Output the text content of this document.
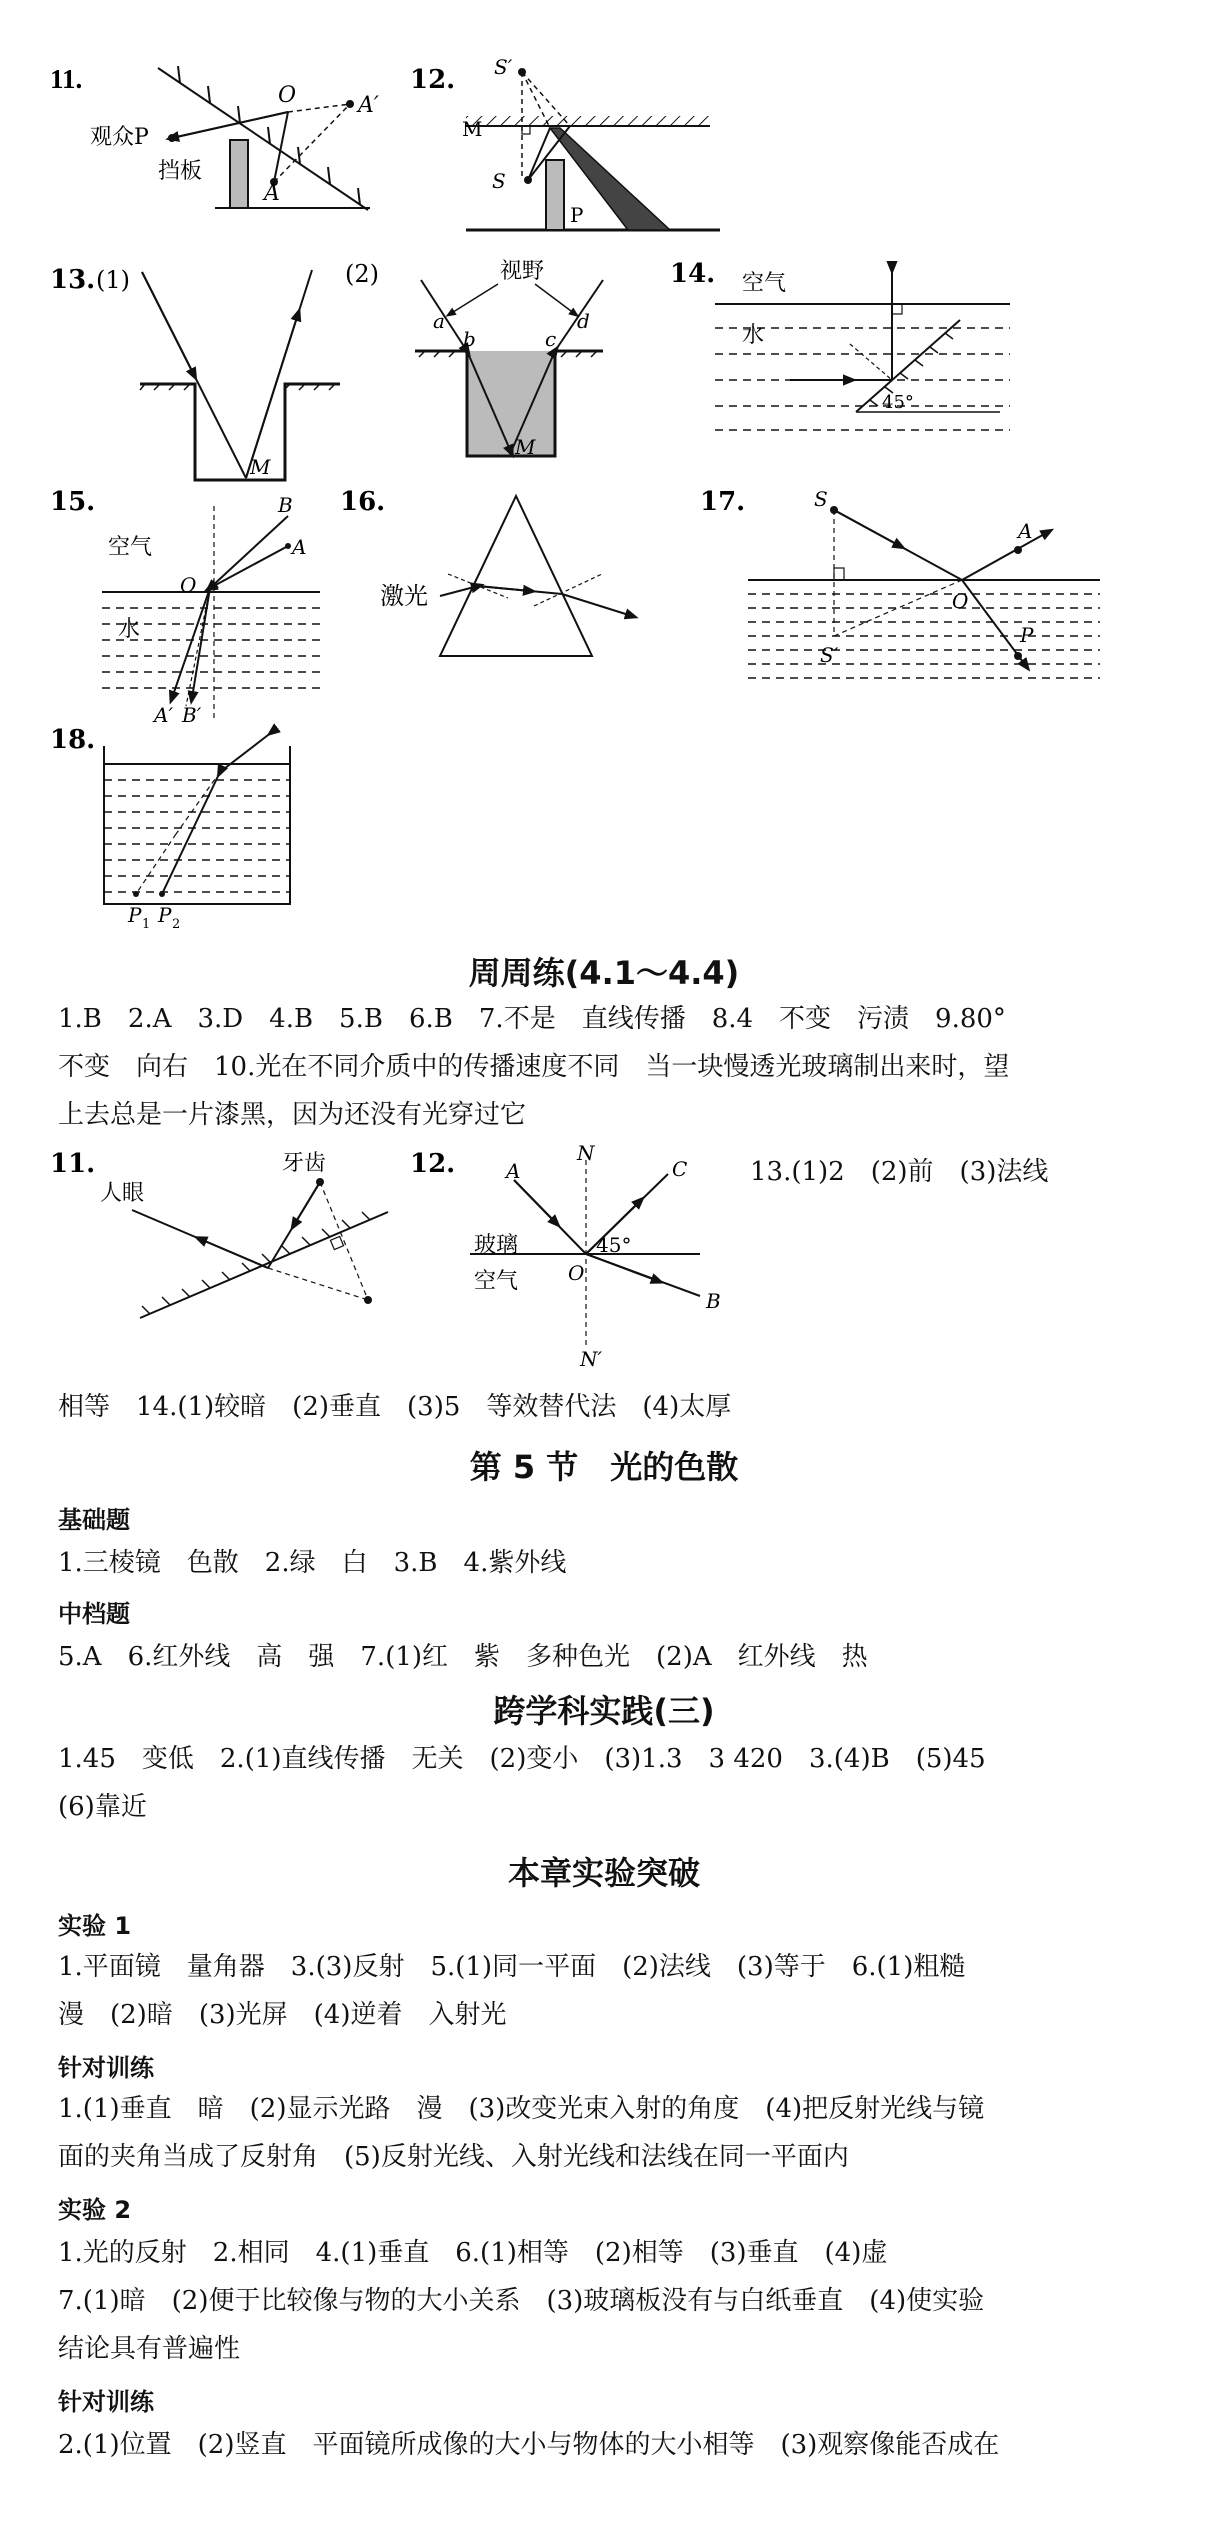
11.
观众P
挡板
O
A
A′
12.
M
S′
S
P
13. (1)
M
(2)	视野
a
b	c
d
M
14. 空气
水
45°
15.
空气
水
O
A
B
A′ B′
16.
激光
17.	S
A
O
S′
P
18.
P 1 P 2
周周练(4.1～4.4)
1.B　2.A　3.D　4.B　5.B　6.B　7.不是　直线传播　8.4　不变　污渍　9.80°
不变　向右　10.光在不同介质中的传播速度不同　当一块慢透光玻璃制出来时，望
上去总是一片漆黑，因为还没有光穿过它
11.
人眼
牙齿	12.	N
A	C
45°
玻璃
空气 O
B
N′
13.(1)2　(2)前　(3)法线
相等　14.(1)较暗　(2)垂直　(3)5　等效替代法　(4)太厚
第 5 节　光的色散
基础题
1.三棱镜　色散　2.绿　白　3.B　4.紫外线
中档题
5.A　6.红外线　高　强　7.(1)红　紫　多种色光　(2)A　红外线　热
跨学科实践(三)
1.45　变低　2.(1)直线传播　无关　(2)变小　(3)1.3　3 420　3.(4)B　(5)45
(6)靠近
本章实验突破
实验 1
1.平面镜　量角器　3.(3)反射　5.(1)同一平面　(2)法线　(3)等于　6.(1)粗糙
漫　(2)暗　(3)光屏　(4)逆着　入射光
针对训练
1.(1)垂直　暗　(2)显示光路　漫　(3)改变光束入射的角度　(4)把反射光线与镜
面的夹角当成了反射角　(5)反射光线、入射光线和法线在同一平面内
实验 2
1.光的反射　2.相同　4.(1)垂直　6.(1)相等　(2)相等　(3)垂直　(4)虚
7.(1)暗　(2)便于比较像与物的大小关系　(3)玻璃板没有与白纸垂直　(4)使实验
结论具有普遍性
针对训练
2.(1)位置　(2)竖直　平面镜所成像的大小与物体的大小相等　(3)观察像能否成在
